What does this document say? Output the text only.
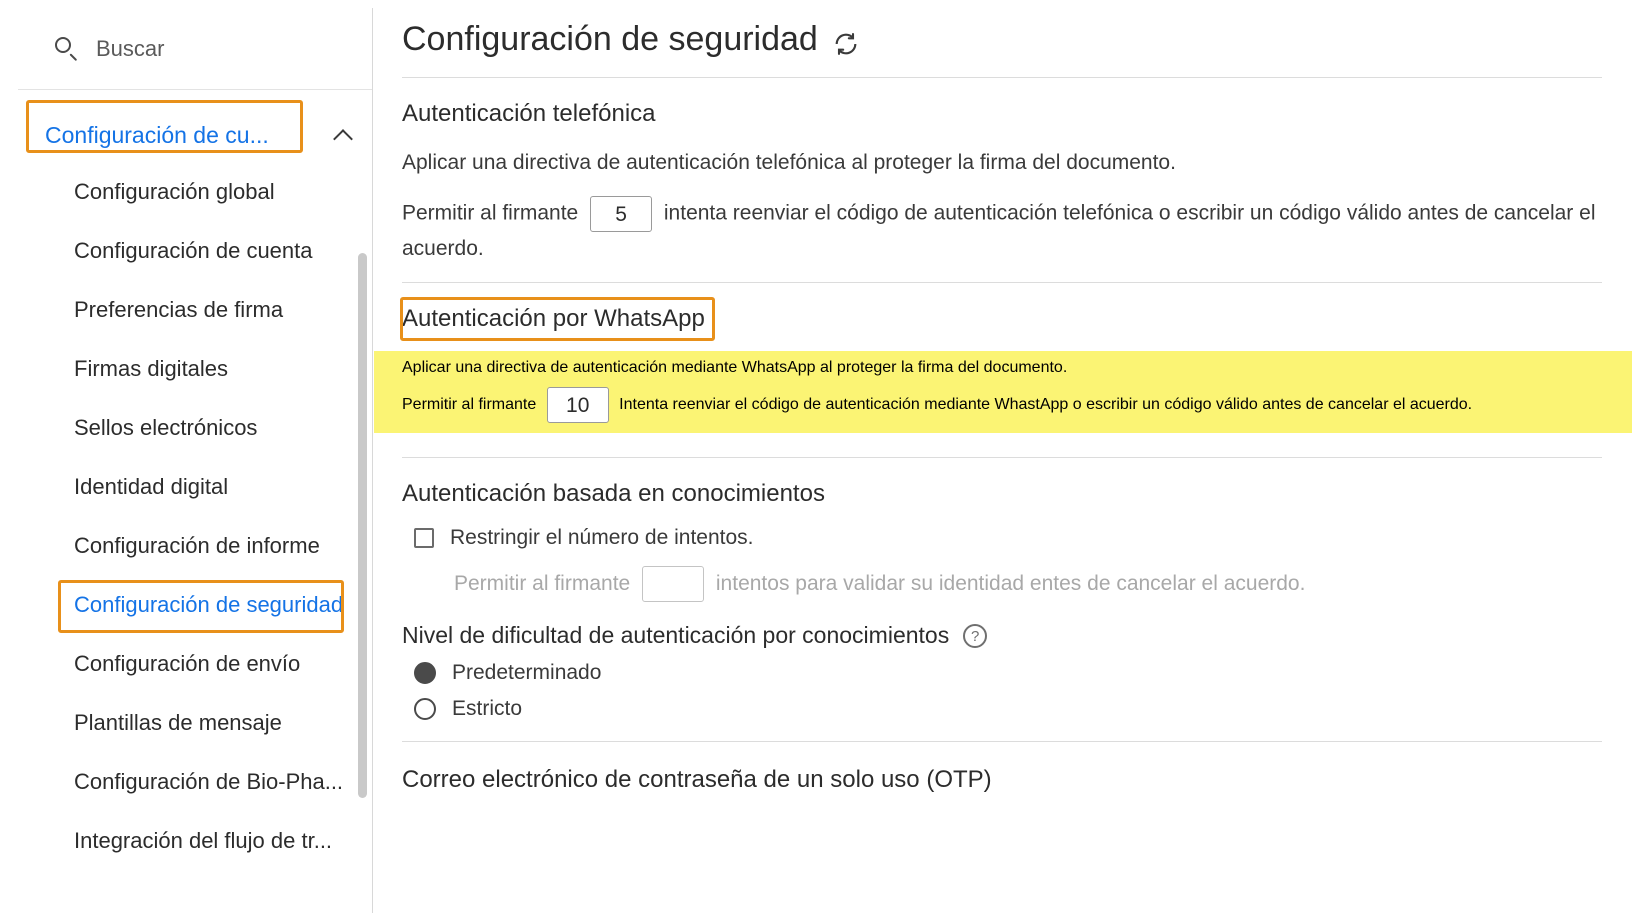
Buscar
Configuración de cu...
Configuración global
Configuración de cuenta
Preferencias de firma
Firmas digitales
Sellos electrónicos
Identidad digital
Configuración de informe
Configuración de seguridad
Configuración de envío
Plantillas de mensaje
Configuración de Bio-Pha...
Integración del flujo de tr...
Configuración de seguridad
Autenticación telefónica

Aplicar una directiva de autenticación telefónica al proteger la firma del documento.

Permitir al firmante 5 intenta reenviar el código de autenticación telefónica o escribir un código válido antes de cancelar el acuerdo.
Autenticación por WhatsApp
Aplicar una directiva de autenticación mediante WhatsApp al proteger la firma del documento.
Permitir al firmante 10 Intenta reenviar el código de autenticación mediante WhastApp o escribir un código válido antes de cancelar el acuerdo.
Autenticación basada en conocimientos
Restringir el número de intentos.
Permitir al firmante	intentos para validar su identidad entes de cancelar el acuerdo.
Nivel de dificultad de autenticación por conocimientos	?
Predeterminado
Estricto
Correo electrónico de contraseña de un solo uso (OTP)
